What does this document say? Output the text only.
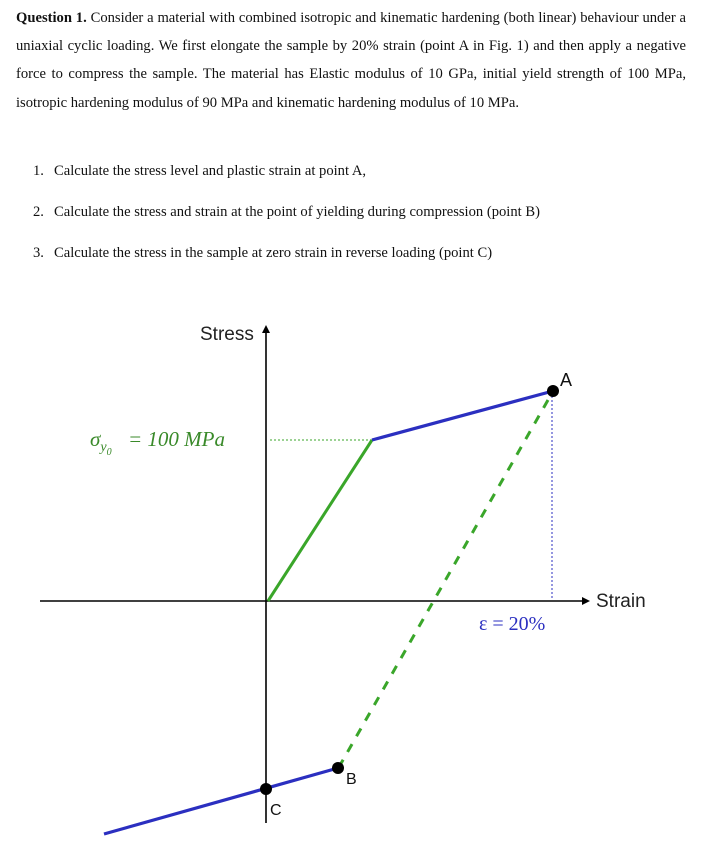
Question 1. Consider a material with combined isotropic and kinematic hardening (both linear) behaviour under a uniaxial cyclic loading. We first elongate the sample by 20% strain (point A in Fig. 1) and then apply a negative force to compress the sample. The material has Elastic modulus of 10 GPa, initial yield strength of 100 MPa, isotropic hardening modulus of 90 MPa and kinematic hardening modulus of 10 MPa.
1. Calculate the stress level and plastic strain at point A,
2. Calculate the stress and strain at the point of yielding during compression (point B)
3. Calculate the stress in the sample at zero strain in reverse loading (point C)
Stress
Strain
$\sigma_y0= 100$ MPa
ε = 20%
A
B
C
